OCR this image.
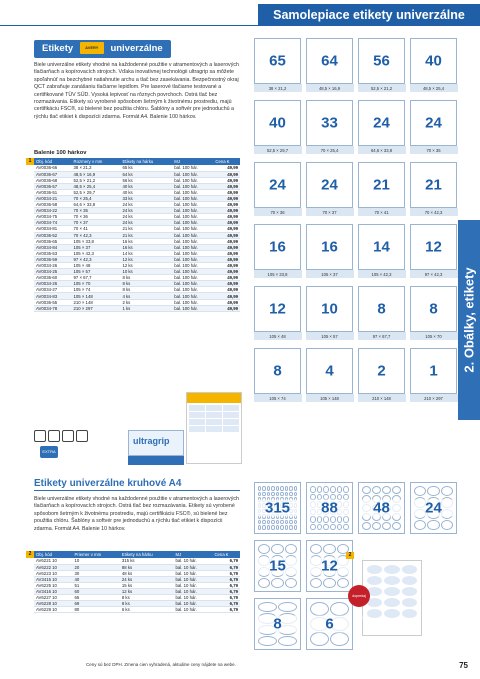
Samolepiace etikety univerzálne
2. Obálky, etikety
Etikety	AVERY univerzálne
Biele univerzálne etikety vhodné na každodenné použitie v atramentových a laserových tlačiarňach a kopírovacích strojoch. Vďaka inovatívnej technológii ultragrip sa môžete spoľahnúť na bezchybné natiahnutie archu a tlač bez zasekávania. Bezpečnostný okraj QCT zabraňuje zanášaniu tlačiarne lepidlom. Pre laserové tlačiarne testované a certifikované TÜV SÜD. Vysoká lepivosť na rôznych povrchoch. Ostrá tlač bez rozmazávania. Etikety sú vyrobené spôsobom šetrným k životnému prostrediu, majú certifikáciu FSC®, sú bielené bez použitia chlóru. Šablóny a softvér pre jednoduchú a rýchlu tlač etikiet k dispozícii zdarma. Formát A4. Balenie 100 hárkov.
Balenie 100 hárkov
1	Obj. kód	Rozmery v mm	Etikety na hárku	MJ	Cena €
AV0036-66	38 × 21,2	65 ks	bal. 100 hár.	49,99
AV0036-67	48,5 × 16,9	64 ks	bal. 100 hár.	49,99
AV0036-68	52,5 × 21,2	56 ks	bal. 100 hár.	49,99
AV0036-57	48,5 × 25,4	40 ks	bal. 100 hár.	49,99
AV0036-51	52,5 × 29,7	40 ks	bal. 100 hár.	49,99
AV0034-21	70 × 25,4	33 ks	bal. 100 hár.	49,99
AV0036-58	64,6 × 33,8	24 ks	bal. 100 hár.	49,99
AV0034-22	70 × 35	24 ks	bal. 100 hár.	49,99
AV0034-75	70 × 36	24 ks	bal. 100 hár.	49,99
AV0034-74	70 × 37	24 ks	bal. 100 hár.	49,99
AV0034-81	70 × 41	21 ks	bal. 100 hár.	49,99
AV0036-52	70 × 42,3	21 ks	bal. 100 hár.	49,99
AV0036-65	105 × 33,8	16 ks	bal. 100 hár.	49,99
AV0034-84	105 × 37	16 ks	bal. 100 hár.	49,99
AV0036-53	105 × 42,3	14 ks	bal. 100 hár.	49,99
AV0036-59	97 × 42,3	12 ks	bal. 100 hár.	49,99
AV0034-26	105 × 48	12 ks	bal. 100 hár.	49,99
AV0034-25	105 × 57	10 ks	bal. 100 hár.	49,99
AV0036-60	97 × 67,7	8 ks	bal. 100 hár.	49,99
AV0034-26	105 × 70	8 ks	bal. 100 hár.	49,99
AV0034-27	105 × 74	8 ks	bal. 100 hár.	49,99
AV0034-83	105 × 148	4 ks	bal. 100 hár.	49,99
AV0036-55	210 × 148	2 ks	bal. 100 hár.	49,99
AV0034-78	210 × 297	1 ks	bal. 100 hár.	49,99
EXTRA
ultragrip
65
38 × 21,2
64
48,5 × 16,9
56
52,5 × 21,2
40
48,5 × 25,4
40
52,5 × 29,7
33
70 × 25,4
24
64,6 × 33,8
24
70 × 35
24
70 × 36
24
70 × 37
21
70 × 41
21
70 × 42,3
16
105 × 33,8
16
105 × 37
14
105 × 42,3
12
97 × 42,3
12
105 × 48
10
105 × 57
8
97 × 67,7
8
105 × 70
8
105 × 74
4
105 × 148
2
210 × 148
1
210 × 297
Etikety univerzálne kruhové A4
Biele univerzálne etikety vhodné na každodenné použitie v atramentových a laserových tlačiarňach a kopírovacích strojoch. Ostrá tlač bez rozmazávania. Etikety sú vyrobené spôsobom šetrným k životnému prostrediu, majú certifikáciu FSC®, sú bielené bez použitia chlóru. Šablóny a softvér pre jednoduchú a rýchlu tlač etikiet k dispozícii zdarma. Formát A4. Balenie 10 hárkov.
2	Obj. kód	Priemer v mm	Etikety na hárku	MJ	Cena €
AV6221 10	10	315 ks	bal. 10 hár.	6,79
AV6222 10	20	88 ks	bal. 10 hár.	6,79
AV6223 10	30	48 ks	bal. 10 hár.	6,79
AV3415 10	40	24 ks	bal. 10 hár.	6,79
AV6225 10	51	15 ks	bal. 10 hár.	6,79
AV3416 10	60	12 ks	bal. 10 hár.	6,79
AV6227 10	65	8 ks	bal. 10 hár.	6,79
AV6228 10	69	8 ks	bal. 10 hár.	6,79
AV6229 10	80	6 ks	bal. 10 hár.	6,79
315	88	48	24
15	12
8	6
2
dopredaj 2023
Ceny sú bez DPH. Zmena cien vyhradená, aktuálne ceny nájdete na webe.	75
